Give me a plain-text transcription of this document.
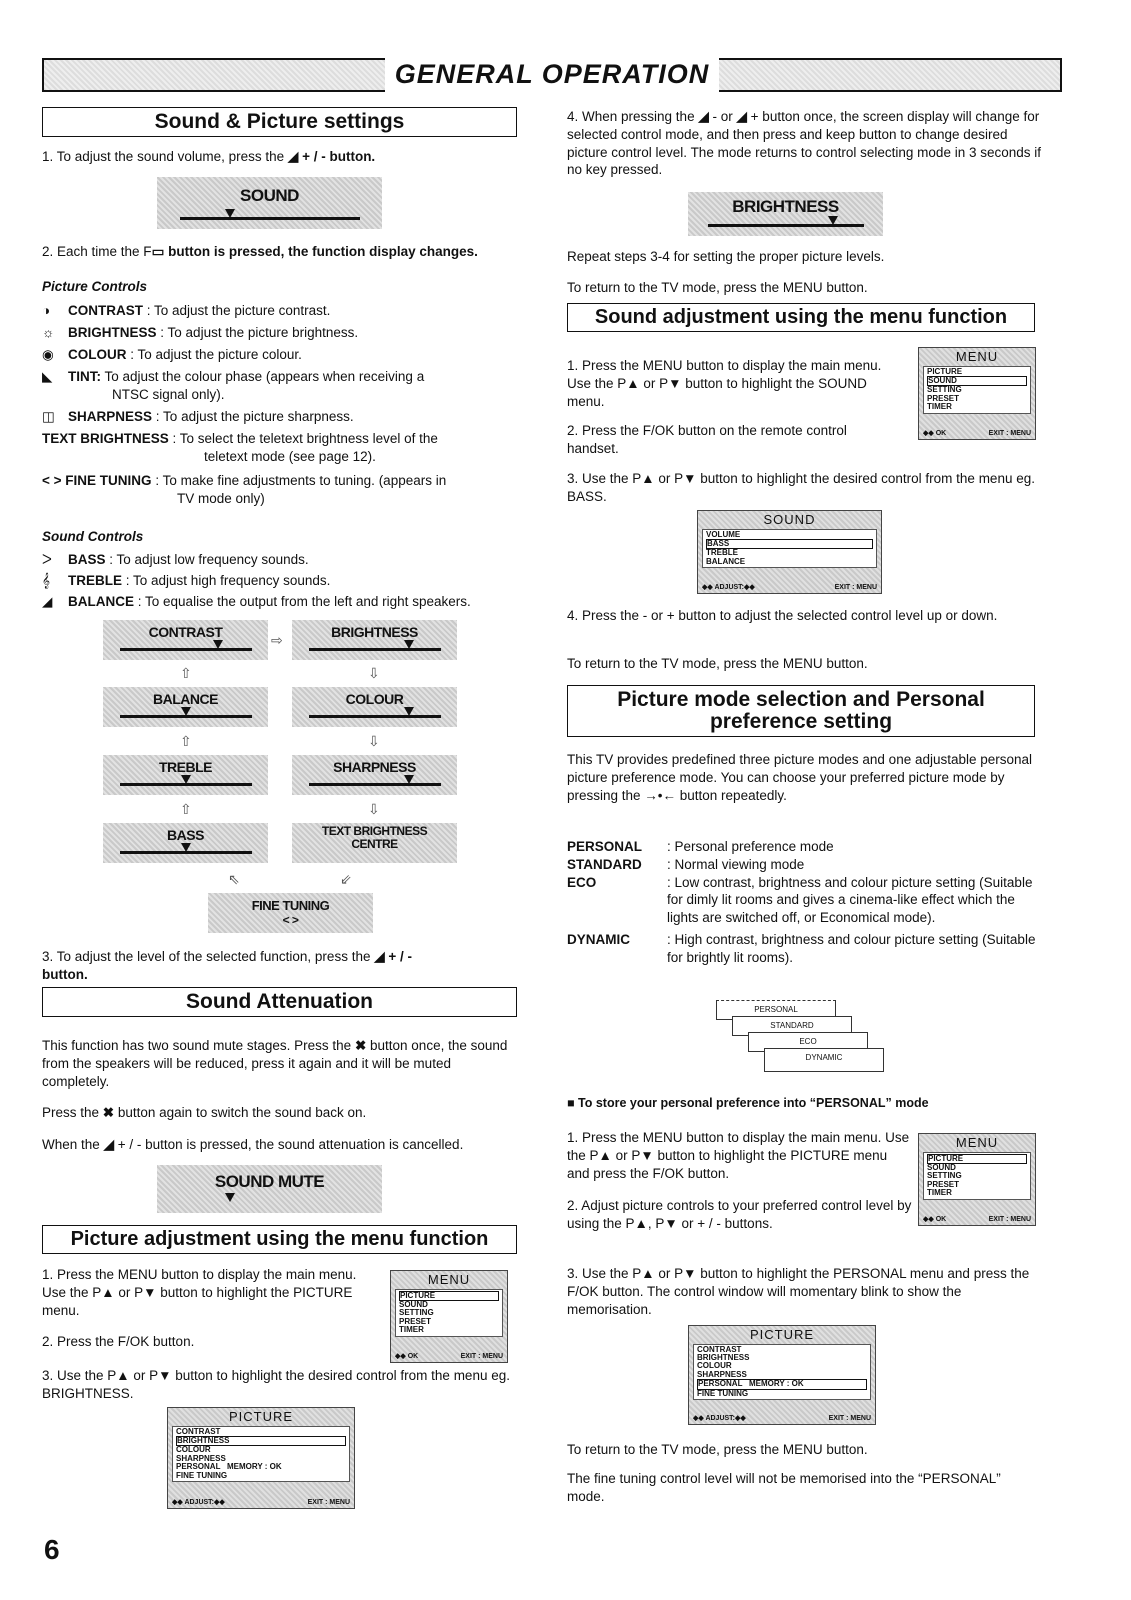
GENERAL OPERATION
Sound & Picture settings
1. To adjust the sound volume, press the ◢ + / - button.
SOUND
2. Each time the F▭ button is pressed, the function display changes.
Picture Controls
◑ CONTRAST : To adjust the picture contrast.
☼ BRIGHTNESS : To adjust the picture brightness.
◉ COLOUR : To adjust the picture colour.
◣ TINT: To adjust the colour phase (appears when receiving a
NTSC signal only).
◫ SHARPNESS : To adjust the picture sharpness.
TEXT BRIGHTNESS : To select the teletext brightness level of the
teletext mode (see page 12).
< > FINE TUNING : To make fine adjustments to tuning. (appears in
TV mode only)
Sound Controls
ᐳ BASS : To adjust low frequency sounds.
𝄞 TREBLE : To adjust high frequency sounds.
◢ BALANCE : To equalise the output from the left and right speakers.
CONTRAST	BRIGHTNESS
BALANCE	COLOUR
TREBLE	SHARPNESS
BASS	TEXT BRIGHTNESS CENTRE
FINE TUNING
< >
⇨
⇧	⇩
⇧	⇩
⇧	⇩
⇖	⇙
3. To adjust the level of the selected function, press the ◢ + / -
button.
Sound Attenuation
This function has two sound mute stages. Press the ✖ button once, the sound from the speakers will be reduced, press it again and it will be muted completely.
Press the ✖ button again to switch the sound back on.
When the ◢ + / - button is pressed, the sound attenuation is cancelled.
SOUND MUTE
Picture adjustment using the menu function
1. Press the MENU button to display the main menu. Use the P▲ or P▼ button to highlight the PICTURE menu.
2. Press the F/OK button.
3. Use the P▲ or P▼ button to highlight the desired control from the menu eg. BRIGHTNESS.
MENU
PICTURE
SOUND
SETTING
PRESET
TIMER
◆◆ OK	EXIT : MENU
PICTURE
CONTRAST
BRIGHTNESS
COLOUR
SHARPNESS
PERSONAL MEMORY : OK
FINE TUNING
◆◆ ADJUST:◆◆	EXIT : MENU
4. When pressing the ◢ - or ◢ + button once, the screen display will change for selected control mode, and then press and keep button to change desired picture control level. The mode returns to control selecting mode in 3 seconds if no key pressed.
BRIGHTNESS
Repeat steps 3-4 for setting the proper picture levels.
To return to the TV mode, press the MENU button.
Sound adjustment using the menu function
1. Press the MENU button to display the main menu. Use the P▲ or P▼ button to highlight the SOUND menu.
2. Press the F/OK button on the remote control handset.
3. Use the P▲ or P▼ button to highlight the desired control from the menu eg. BASS.
MENU
PICTURE
SOUND
SETTING
PRESET
TIMER
◆◆ OK	EXIT : MENU
SOUND
VOLUME
BASS
TREBLE
BALANCE
◆◆ ADJUST:◆◆	EXIT : MENU
4. Press the - or + button to adjust the selected control level up or down.
To return to the TV mode, press the MENU button.
Picture mode selection and Personal preference setting
This TV provides predefined three picture modes and one adjustable personal picture preference mode. You can choose your preferred picture mode by pressing the →•← button repeatedly.
PERSONAL	: Personal preference mode
STANDARD	: Normal viewing mode
ECO	: Low contrast, brightness and colour picture setting (Suitable for dimly lit rooms and gives a cinema-like effect which the lights are switched off, or Economical mode).
DYNAMIC	: High contrast, brightness and colour picture setting (Suitable for brightly lit rooms).
PERSONAL
STANDARD
ECO
DYNAMIC
■ To store your personal preference into “PERSONAL” mode
1. Press the MENU button to display the main menu. Use the P▲ or P▼ button to highlight the PICTURE menu and press the F/OK button.
2. Adjust picture controls to your preferred control level by using the P▲, P▼ or + / - buttons.
3. Use the P▲ or P▼ button to highlight the PERSONAL menu and press the F/OK button. The control window will momentary blink to show the memorisation.
MENU
PICTURE
SOUND
SETTING
PRESET
TIMER
◆◆ OK	EXIT : MENU
PICTURE
CONTRAST
BRIGHTNESS
COLOUR
SHARPNESS
PERSONAL MEMORY : OK
FINE TUNING
◆◆ ADJUST:◆◆	EXIT : MENU
To return to the TV mode, press the MENU button.
The fine tuning control level will not be memorised into the “PERSONAL” mode.
6
